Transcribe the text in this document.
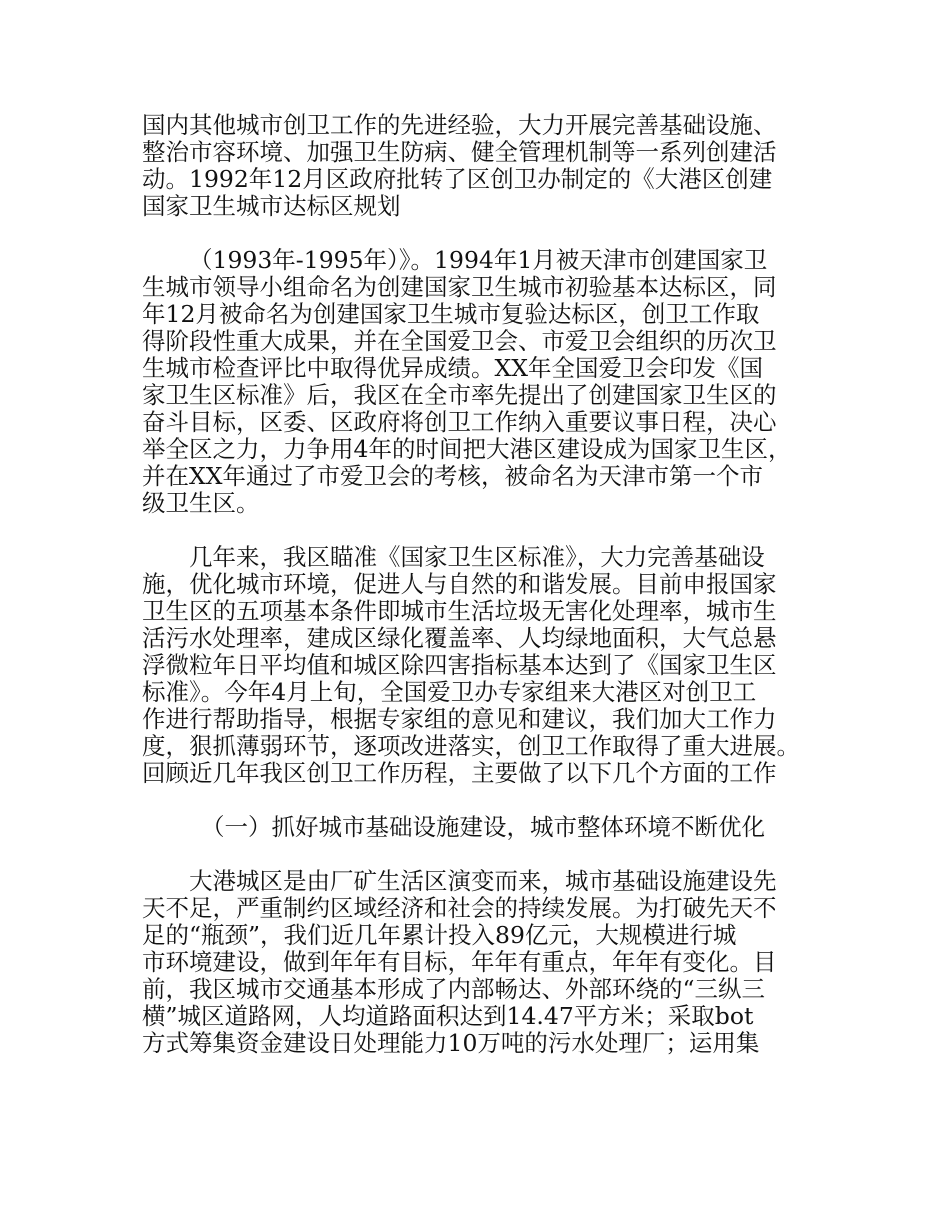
国内其他城市创卫工作的先进经验，大力开展完善基础设施、
整治市容环境、加强卫生防病、健全管理机制等一系列创建活
动。1992年12月区政府批转了区创卫办制定的《大港区创建
国家卫生城市达标区规划

（1993年-1995年）》。1994年1月被天津市创建国家卫
生城市领导小组命名为创建国家卫生城市初验基本达标区，同
年12月被命名为创建国家卫生城市复验达标区，创卫工作取
得阶段性重大成果，并在全国爱卫会、市爱卫会组织的历次卫
生城市检查评比中取得优异成绩。XX年全国爱卫会印发《国
家卫生区标准》后，我区在全市率先提出了创建国家卫生区的
奋斗目标，区委、区政府将创卫工作纳入重要议事日程，决心
举全区之力，力争用4年的时间把大港区建设成为国家卫生区，
并在XX年通过了市爱卫会的考核，被命名为天津市第一个市
级卫生区。

几年来，我区瞄准《国家卫生区标准》，大力完善基础设
施，优化城市环境，促进人与自然的和谐发展。目前申报国家
卫生区的五项基本条件即城市生活垃圾无害化处理率，城市生
活污水处理率，建成区绿化覆盖率、人均绿地面积，大气总悬
浮微粒年日平均值和城区除四害指标基本达到了《国家卫生区
标准》。今年4月上旬，全国爱卫办专家组来大港区对创卫工
作进行帮助指导，根据专家组的意见和建议，我们加大工作力
度，狠抓薄弱环节，逐项改进落实，创卫工作取得了重大进展。
回顾近几年我区创卫工作历程，主要做了以下几个方面的工作

（一）抓好城市基础设施建设，城市整体环境不断优化

大港城区是由厂矿生活区演变而来，城市基础设施建设先
天不足，严重制约区域经济和社会的持续发展。为打破先天不
足的“瓶颈”，我们近几年累计投入89亿元，大规模进行城
市环境建设，做到年年有目标，年年有重点，年年有变化。目
前，我区城市交通基本形成了内部畅达、外部环绕的“三纵三
横”城区道路网，人均道路面积达到14.47平方米；采取bot
方式筹集资金建设日处理能力10万吨的污水处理厂；运用集
